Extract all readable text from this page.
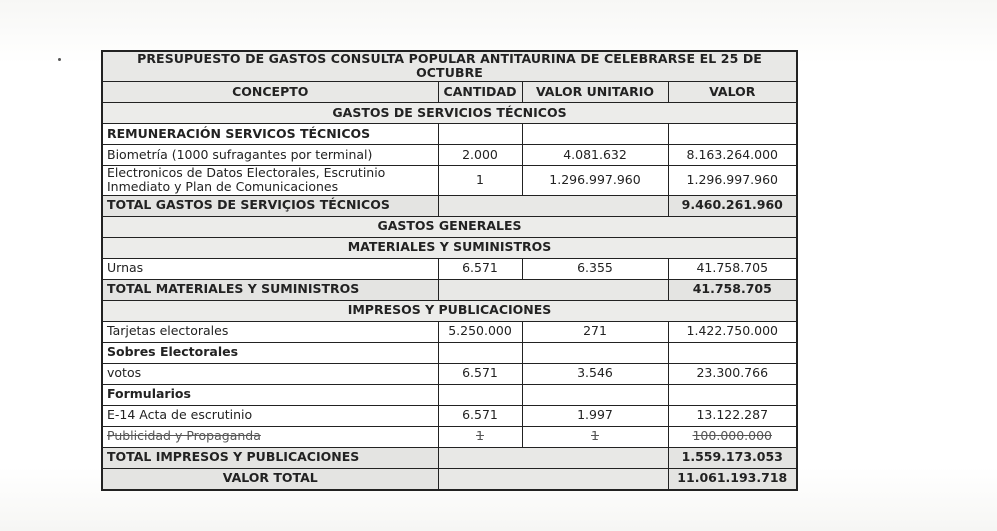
PRESUPUESTO DE GASTOS CONSULTA POPULAR ANTITAURINA DE CELEBRARSE EL 25 DE OCTUBRE			
CONCEPTO	CANTIDAD	VALOR UNITARIO	VALOR
GASTOS DE SERVICIOS TÉCNICOS			
REMUNERACIÓN SERVICOS TÉCNICOS			
Biometría (1000 sufragantes por terminal)	2.000	4.081.632	8.163.264.000

Electronicos de Datos Electorales, Escrutinio
Inmediato y Plan de Comunicaciones	1	1.296.997.960	1.296.997.960
TOTAL GASTOS DE SERVIÇIOS TÉCNICOS			9.460.261.960
GASTOS GENERALES			
MATERIALES Y SUMINISTROS			
Urnas	6.571	6.355	41.758.705
TOTAL MATERIALES Y SUMINISTROS			41.758.705
IMPRESOS Y PUBLICACIONES			
Tarjetas electorales	5.250.000	271	1.422.750.000
Sobres Electorales			
votos	6.571	3.546	23.300.766
Formularios			
E-14 Acta de escrutinio	6.571	1.997	13.122.287
Publicidad y Propaganda	1	1	100.000.000
TOTAL IMPRESOS Y PUBLICACIONES			1.559.173.053
VALOR TOTAL			11.061.193.718
